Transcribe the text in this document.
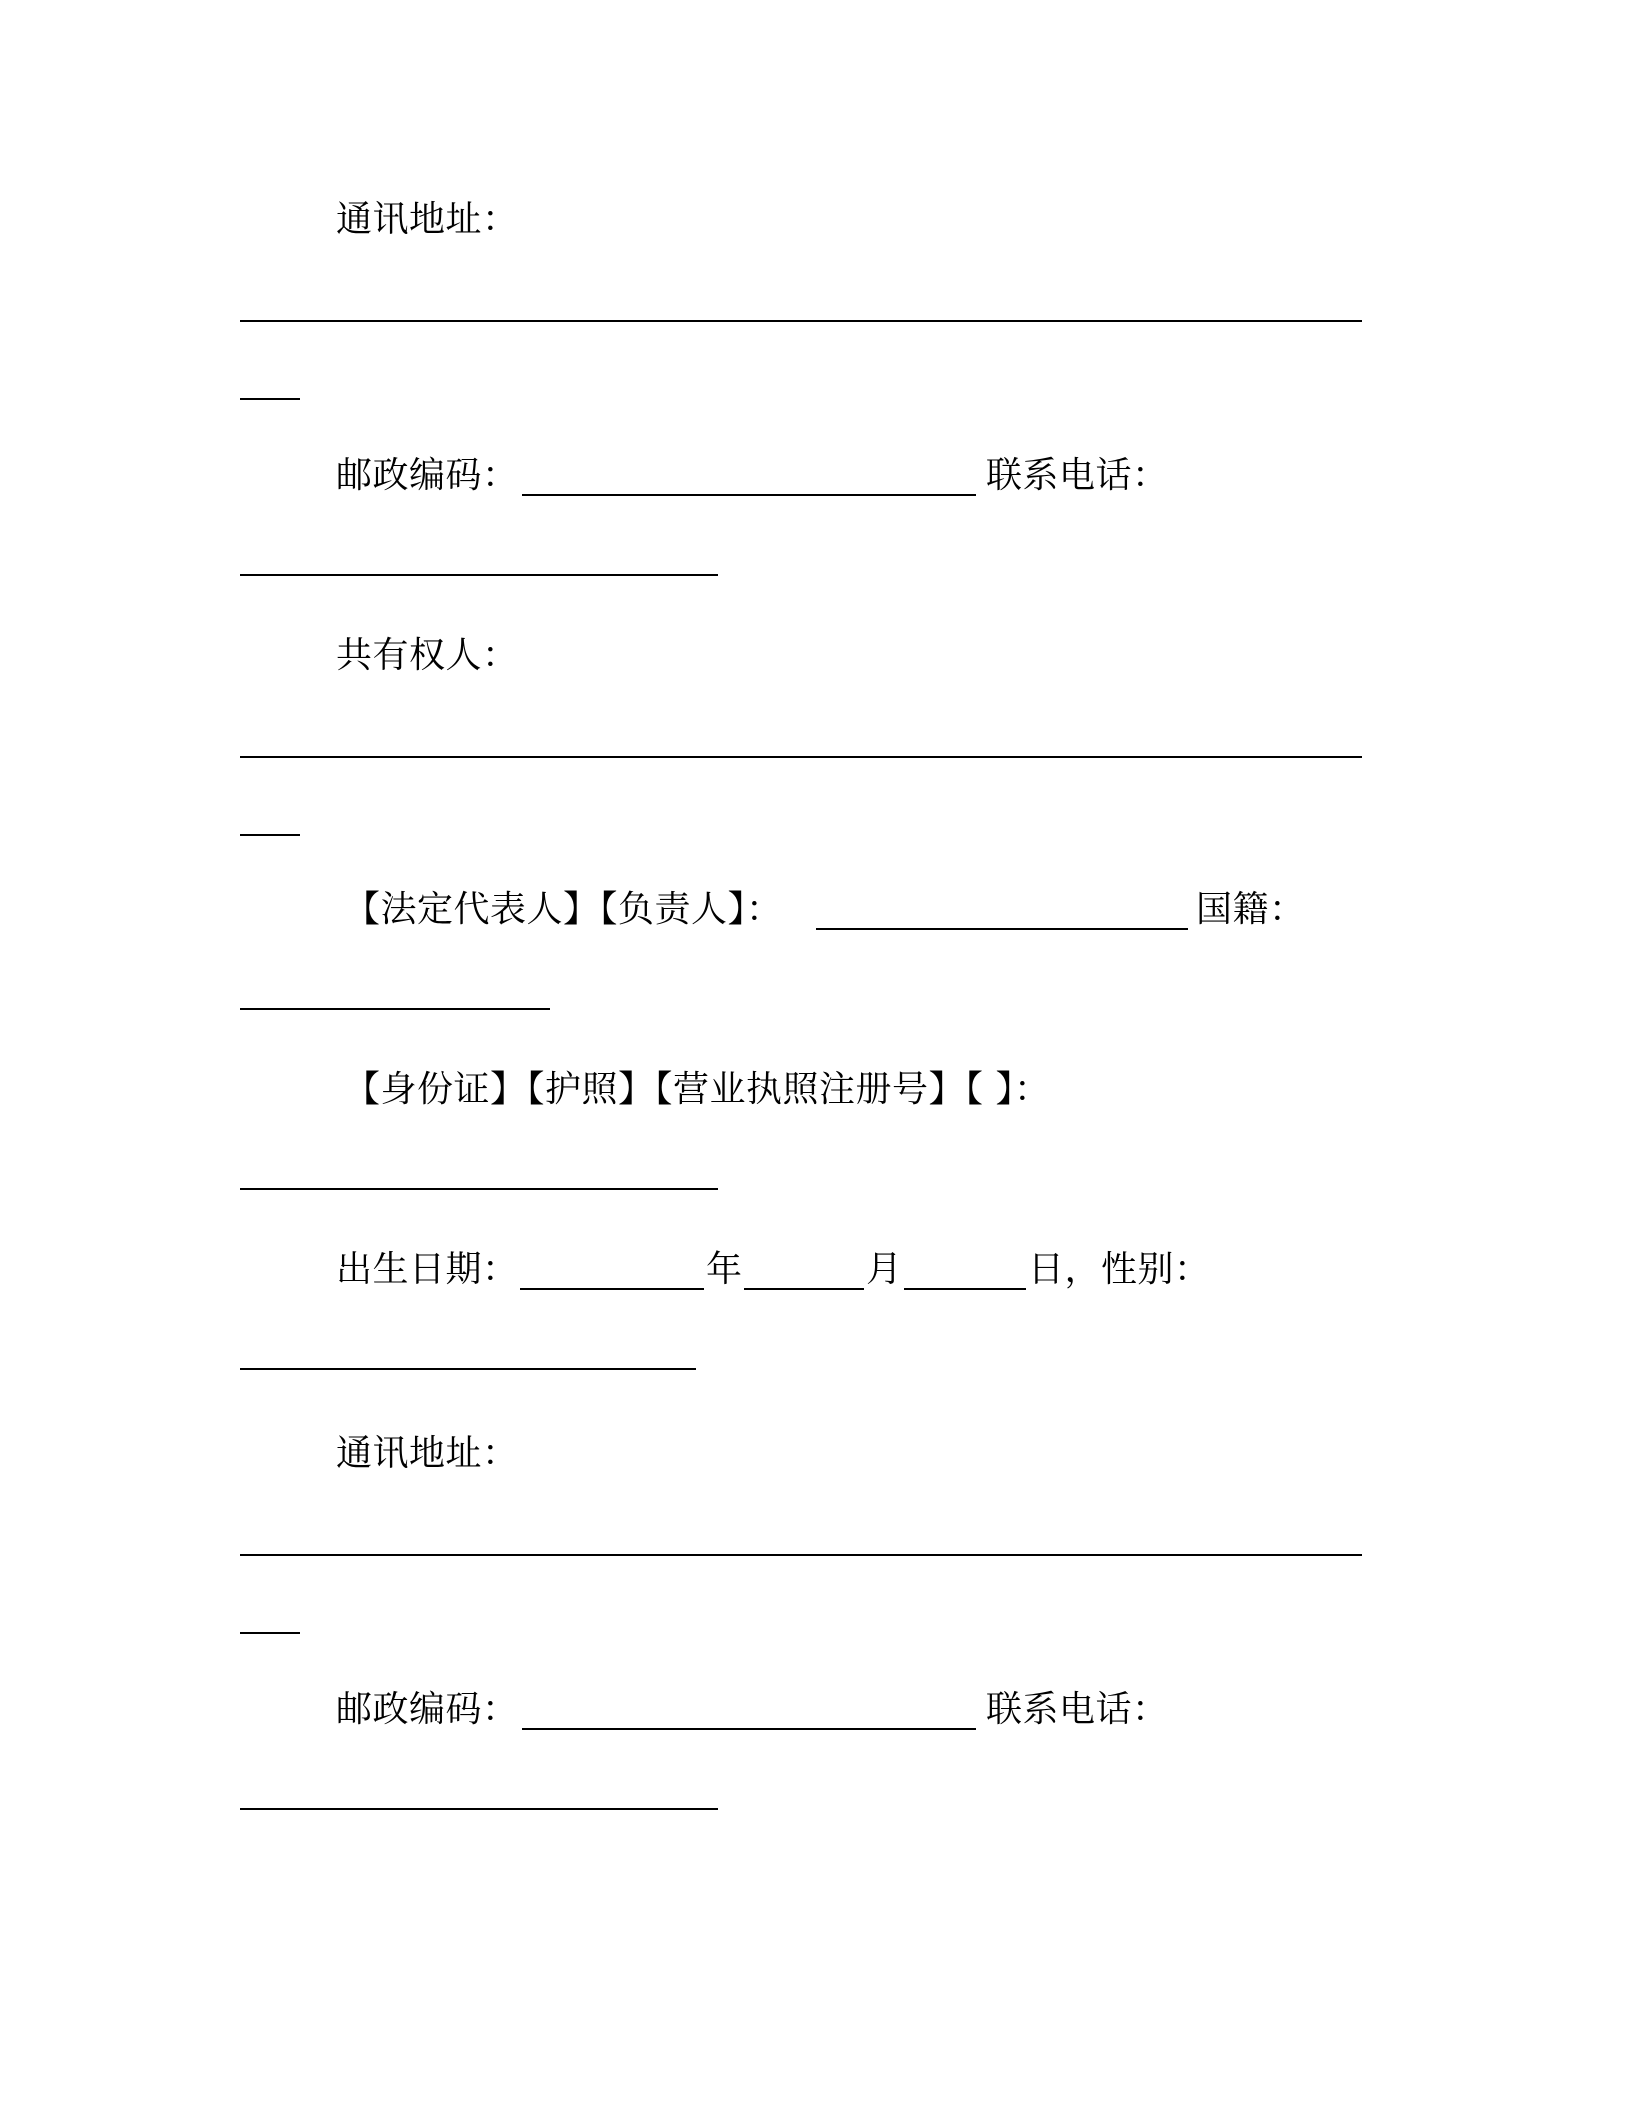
通讯地址：
邮政编码：	联系电话：
共有权人：
【法定代表人】【负责人】：	国籍：
【身份证】【护照】【营业执照注册号】【 】：
出生日期：	年	月	日，性别：
通讯地址：
邮政编码：	联系电话：
